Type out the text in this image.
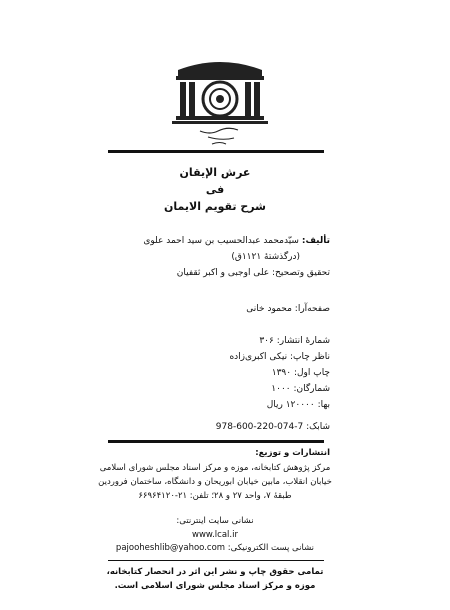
عرش الإيقان
فی
شرح تقويم الايمان
تأليف: سيّدمحمد عبدالحسيب بن سيد احمد علوى
(درگذشتهٔ ۱۱۲۱ق)
تحقيق وتصحيح: علی اوجبی و اكبر ثقفيان
صفحه‌آرا: محمود خانی
شمارهٔ انتشار: ۳۰۶
ناظر چاپ: نيكی اكبرى‌زاده
چاپ اول: ۱۳۹۰
شمارگان: ۱۰۰۰
بها: ۱۲۰۰۰۰ ريال
شابک: 978-600-220-074-7
انتشارات و توزيع:
مركز پژوهش كتابخانه، موزه و مركز اسناد مجلس شوراى اسلامی
خيابان انقلاب، مابين خيابان ابوريحان و دانشگاه، ساختمان فروردين
طبقهٔ ۷، واحد ۲۷ و ۲۸؛ تلفن: ۲۱-۶۶۹۶۴۱۲۰
نشانی سايت اينترنتی:
www.lcal.ir
نشانی پست الكترونيكی: pajooheshlib@yahoo.com
تمامی حقوق چاپ و نشر اين اثر در انحصار كتابخانه،
موزه و مركز اسناد مجلس شوراى اسلامی است.
